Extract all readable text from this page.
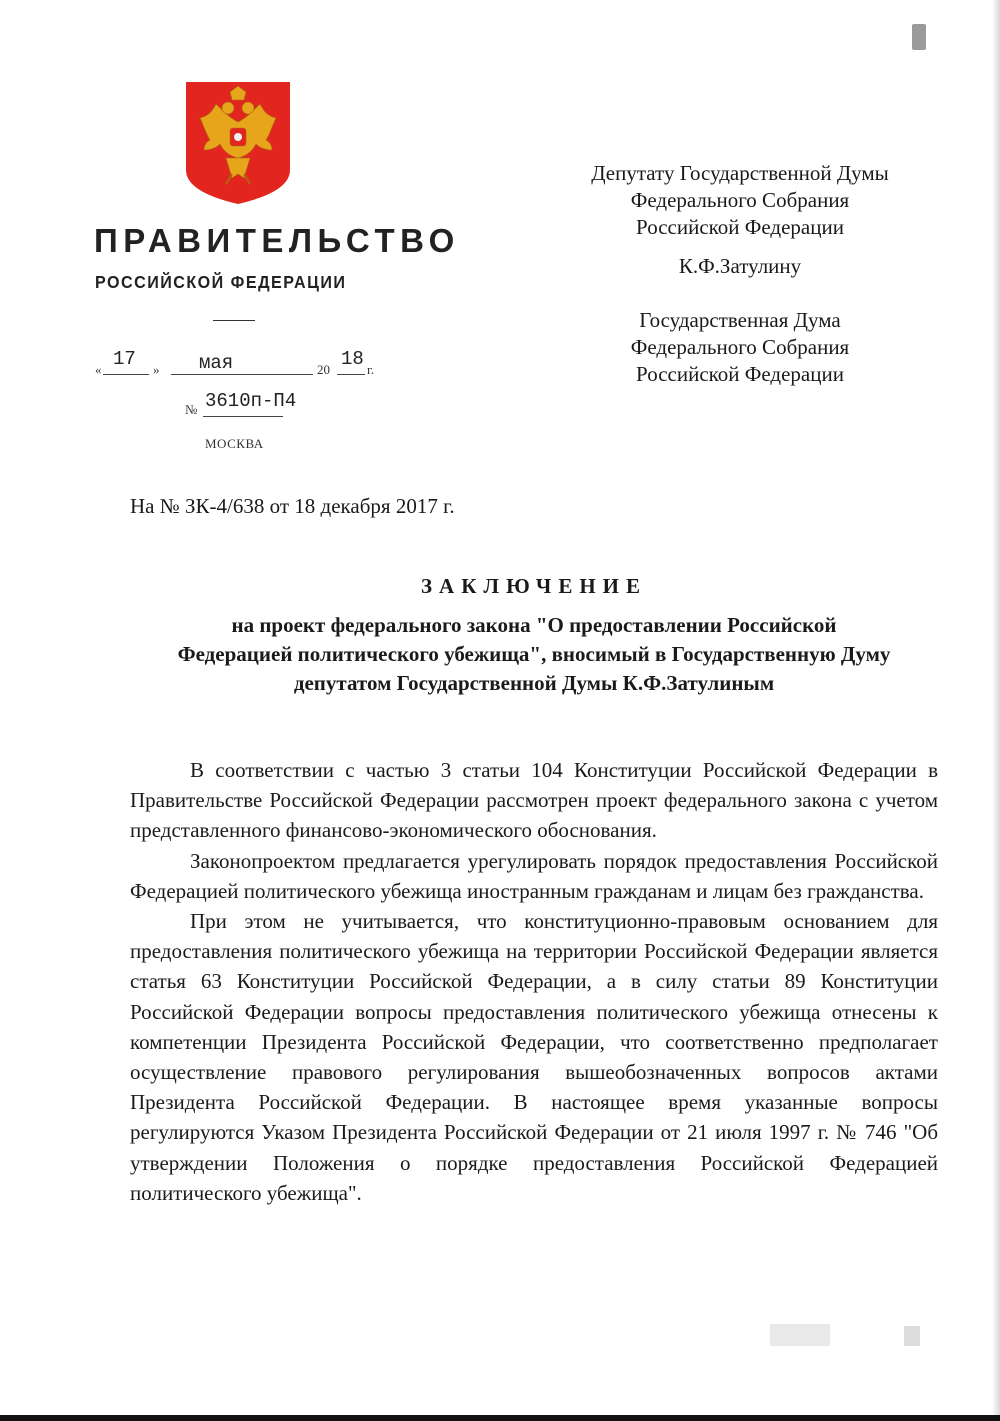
ПРАВИТЕЛЬСТВО
РОССИЙСКОЙ ФЕДЕРАЦИИ
« 17 » мая	20 18 г.
№ 3610п-П4
МОСКВА
Депутату Государственной Думы
Федерального Собрания
Российской Федерации
К.Ф.Затулину
Государственная Дума
Федерального Собрания
Российской Федерации
На № ЗК-4/638 от 18 декабря 2017 г.
ЗАКЛЮЧЕНИЕ
на проект федерального закона "О предоставлении Российской
Федерацией политического убежища", вносимый в Государственную Думу
депутатом Государственной Думы К.Ф.Затулиным

В соответствии с частью 3 статьи 104 Конституции Российской Федерации в Правительстве Российской Федерации рассмотрен проект федерального закона с учетом представленного финансово-экономического обоснования.

Законопроектом предлагается урегулировать порядок предоставления Российской Федерацией политического убежища иностранным гражданам и лицам без гражданства.

При этом не учитывается, что конституционно-правовым основанием для предоставления политического убежища на территории Российской Федерации является статья 63 Конституции Российской Федерации, а в силу статьи 89 Конституции Российской Федерации вопросы предоставления политического убежища отнесены к компетенции Президента Российской Федерации, что соответственно предполагает осуществление правового регулирования вышеобозначенных вопросов актами Президента Российской Федерации. В настоящее время указанные вопросы регулируются Указом Президента Российской Федерации от 21 июля 1997 г. № 746 "Об утверждении Положения о порядке предоставления Российской Федерацией политического убежища".
